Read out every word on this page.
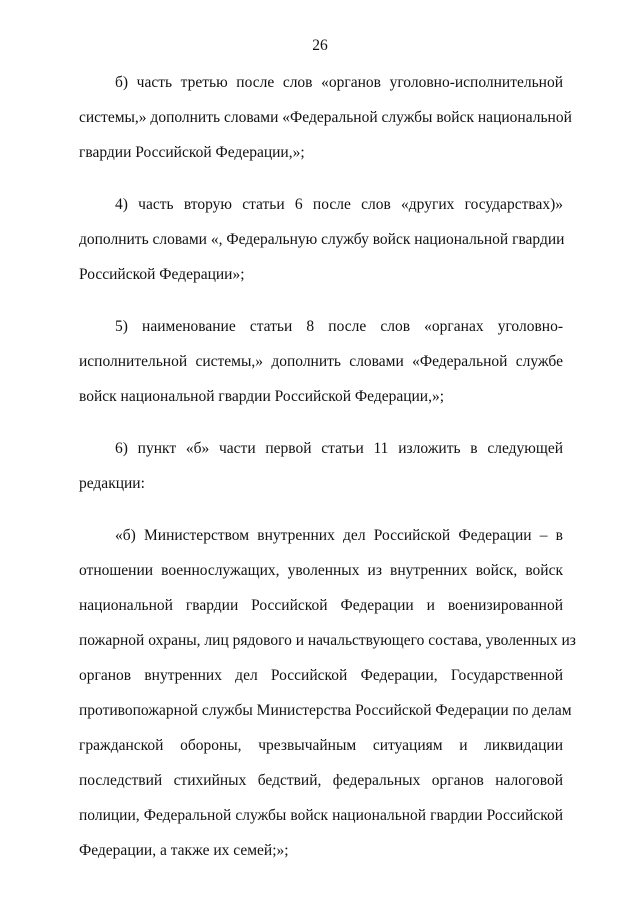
26

б) часть третью после слов «органов уголовно-исполнительной
системы,» дополнить словами «Федеральной службы войск национальной
гвардии Российской Федерации,»;

4) часть вторую статьи 6 после слов «других государствах)»
дополнить словами «, Федеральную службу войск национальной гвардии
Российской Федерации»;

5) наименование статьи 8 после слов «органах уголовно-
исполнительной системы,» дополнить словами «Федеральной службе
войск национальной гвардии Российской Федерации,»;

6) пункт «б» части первой статьи 11 изложить в следующей
редакции:

«б) Министерством внутренних дел Российской Федерации – в
отношении военнослужащих, уволенных из внутренних войск, войск
национальной гвардии Российской Федерации и военизированной
пожарной охраны, лиц рядового и начальствующего состава, уволенных из
органов внутренних дел Российской Федерации, Государственной
противопожарной службы Министерства Российской Федерации по делам
гражданской обороны, чрезвычайным ситуациям и ликвидации
последствий стихийных бедствий, федеральных органов налоговой
полиции, Федеральной службы войск национальной гвардии Российской
Федерации, а также их семей;»;
